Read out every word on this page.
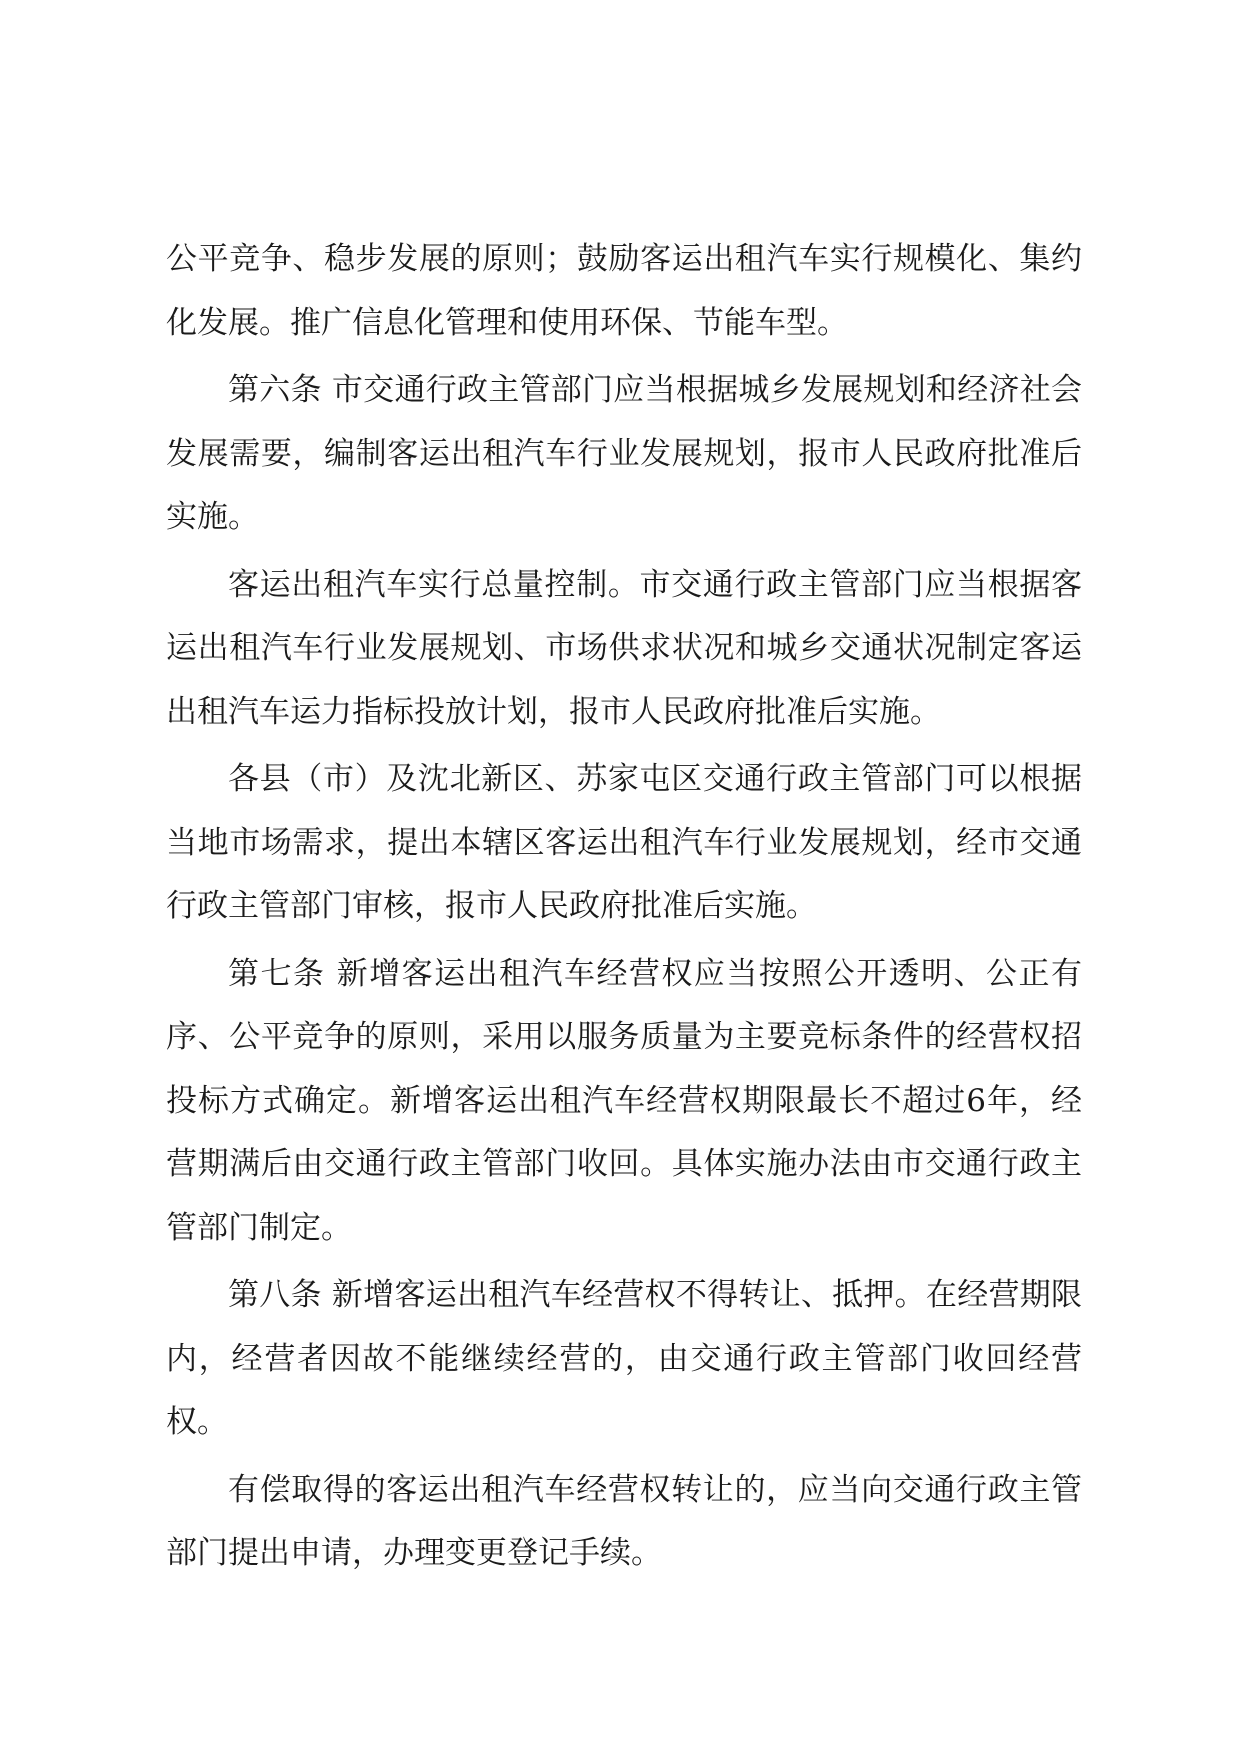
公平竞争、稳步发展的原则；鼓励客运出租汽车实行规模化、集约化发展。推广信息化管理和使用环保、节能车型。

第六条 市交通行政主管部门应当根据城乡发展规划和经济社会发展需要，编制客运出租汽车行业发展规划，报市人民政府批准后实施。

客运出租汽车实行总量控制。市交通行政主管部门应当根据客运出租汽车行业发展规划、市场供求状况和城乡交通状况制定客运出租汽车运力指标投放计划，报市人民政府批准后实施。

各县（市）及沈北新区、苏家屯区交通行政主管部门可以根据当地市场需求，提出本辖区客运出租汽车行业发展规划，经市交通行政主管部门审核，报市人民政府批准后实施。

第七条 新增客运出租汽车经营权应当按照公开透明、公正有序、公平竞争的原则，采用以服务质量为主要竞标条件的经营权招投标方式确定。新增客运出租汽车经营权期限最长不超过6年，经营期满后由交通行政主管部门收回。具体实施办法由市交通行政主管部门制定。

第八条 新增客运出租汽车经营权不得转让、抵押。在经营期限内，经营者因故不能继续经营的，由交通行政主管部门收回经营权。

有偿取得的客运出租汽车经营权转让的，应当向交通行政主管部门提出申请，办理变更登记手续。
